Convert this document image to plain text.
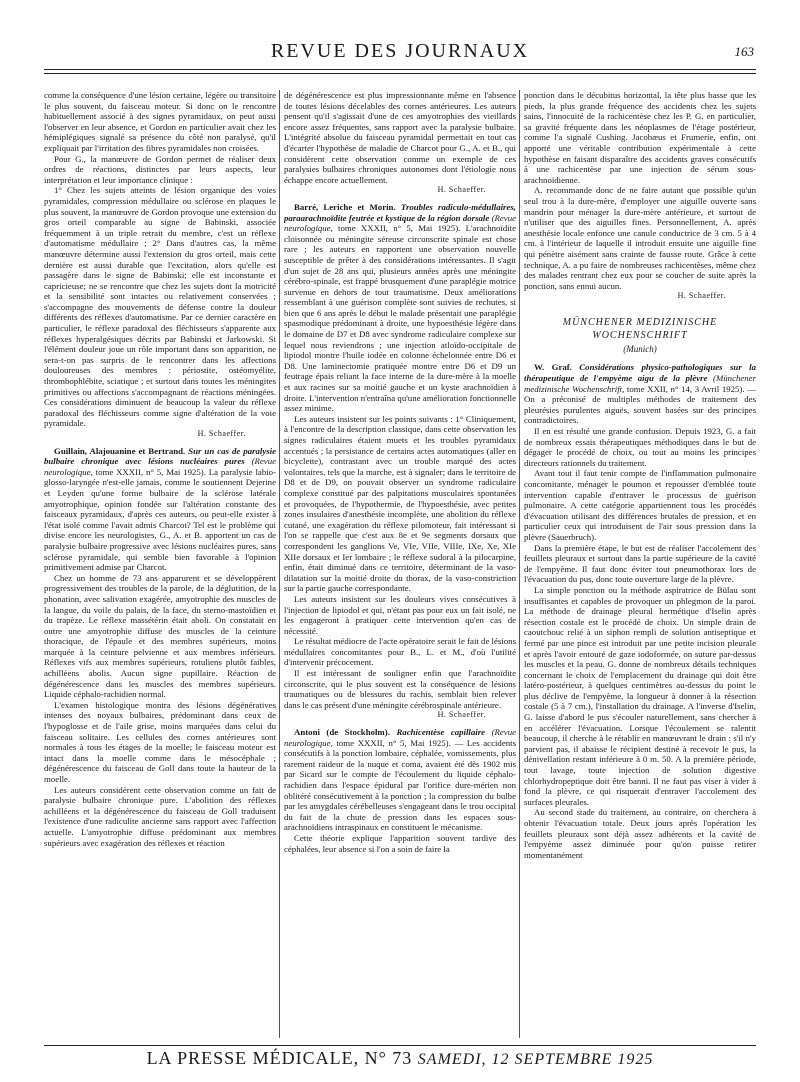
REVUE DES JOURNAUX	163

comme la conséquence d'une lésion certaine, légère ou transitoire le plus souvent, du faisceau moteur. Si donc on le rencontre habituellement associé à des signes pyramidaux, on peut aussi l'observer en leur absence, et Gordon en particulier avait chez les hémiplégiques signalé sa présence du côté non paralysé, qu'il expliquait par l'irritation des fibres pyramidales non croisées.

Pour G., la manœuvre de Gordon permet de réaliser deux ordres de réactions, distinctes par leurs aspects, leur interprétation et leur importance clinique :

1° Chez les sujets atteints de lésion organique des voies pyramidales, compression médullaire ou sclérose en plaques le plus souvent, la manœuvre de Gordon provoque une extension du gros orteil comparable au signe de Babinski, associée fréquemment à un triple retrait du membre, c'est un réflexe d'automatisme médullaire ; 2° Dans d'autres cas, la même manœuvre détermine aussi l'extension du gros orteil, mais cette dernière est aussi durable que l'excitation, alors qu'elle est passagère dans le signe de Babinski; elle est inconstante et capricieuse; ne se rencontre que chez les sujets dont la motricité et la sensibilité sont intactes ou relativement conservées ; s'accompagne des mouvements de défense contre la douleur différents des réflexes d'automatisme. Par ce dernier caractère en particulier, le réflexe paradoxal des fléchisseurs s'apparente aux réflexes hyperalgésiques décrits par Babinski et Jarkowski. Si l'élément douleur joue un rôle important dans son apparition, ne sera-t-on pas surpris de le rencontrer dans les affections douloureuses des membres : périostite, ostéomyélite, thrombophlébite, sciatique ; et surtout dans toutes les méningites primitives ou affections s'accompagnant de réactions méningées. Ces considérations diminuent de beaucoup la valeur du réflexe paradoxal des fléchisseurs comme signe d'altération de la voie pyramidale.

H. Schaeffer.

Guillain, Alajouanine et Bertrand. Sur un cas de paralysie bulbaire chronique avec lésions nucléaires pures (Revue neurologique, tome XXXII, n° 5, Mai 1925). La paralysie labio-glosso-laryngée n'est-elle jamais, comme le soutiennent Dejerine et Leyden qu'une forme bulbaire de la sclérose latérale amyotrophique, opinion fondée sur l'altération constante des faisceaux pyramidaux, d'après ces auteurs, ou peut-elle exister à l'état isolé comme l'avait admis Charcot? Tel est le problème qui divise encore les neurologistes, G., A. et B. apportent un cas de paralysie bulbaire progressive avec lésions nucléaires pures, sans sclérose pyramidale, qui semble bien favorable à l'opinion primitivement admise par Charcot.

Chez un homme de 73 ans apparurent et se développèrent progressivement des troubles de la parole, de la déglutition, de la phonation, avec salivation exagérée, amyotrophie des muscles de la langue, du voile du palais, de la face, du sterno-mastoïdien et du trapèze. Le réflexe massétérin était aboli. On constatait en outre une amyotrophie diffuse des muscles de la ceinture thoracique, de l'épaule et des membres supérieurs, moins marquée à la ceinture pelvienne et aux membres inférieurs. Réflexes vifs aux membres supérieurs, rotuliens plutôt faibles, achilléens abolis. Aucun signe pupillaire. Réaction de dégénérescence dans les muscles des membres supérieurs. Liquide céphalo-rachidien normal.

L'examen histologique montra des lésions dégénératives intenses des noyaux bulbaires, prédominant dans ceux de l'hypoglosse et de l'aile grise, moins marquées dans celui du faisceau solitaire. Les cellules des cornes antérieures sont normales à tous les étages de la moelle; le faisceau moteur est intact dans la moelle comme dans le mésocéphale ; dégénérescence du faisceau de Goll dans toute la hauteur de la moelle.

Les auteurs considèrent cette observation comme un fait de paralysie bulbaire chronique pure. L'abolition des réflexes achilléens et la dégénérescence du faisceau de Goll traduisent l'existence d'une radiculite ancienne sans rapport avec l'affection actuelle. L'amyotrophie diffuse prédominant aux membres supérieurs avec exagération des réflexes et réaction

de dégénérescence est plus impressionnante même en l'absence de toutes lésions décelables des cornes antérieures. Les auteurs pensent qu'il s'agissait d'une de ces amyotrophies des vieillards encore assez fréquentes, sans rapport avec la paralysie bulbaire. L'intégrité absolue du faisceau pyramidal permettait en tout cas d'écarter l'hypothèse de maladie de Charcot pour G., A. et B., qui considèrent cette observation comme un exemple de ces paralysies bulbaires chroniques autonomes dont l'étiologie nous échappe encore actuellement.

H. Schaeffer.

Barré, Leriche et Morin. Troubles radiculo-médullaires, paraarachnoïdite feutrée et kystique de la région dorsale (Revue neurologique, tome XXXII, n° 5, Mai 1925). L'arachnoïdite cloisonnée ou méningite séreuse circonscrite spinale est chose rare ; les auteurs en rapportent une observation nouvelle susceptible de prêter à des considérations intéressantes. Il s'agit d'un sujet de 28 ans qui, plusieurs années après une méningite cérébro-spinale, est frappé brusquement d'une paraplégie motrice survenue en dehors de tout traumatisme. Deux améliorations ressemblant à une guérison complète sont suivies de rechutes, si bien que 6 ans après le début le malade présentait une paraplégie spasmodique prédominant à droite, une hypoesthésie légère dans le domaine de D7 et D8 avec syndrome radiculaire complexe sur lequel nous reviendrons ; une injection atloïdo-occipitale de lipiodol montre l'huile iodée en colonne échelonnée entre D6 et D8. Une laminectomie pratiquée montre entre D6 et D9 un feutrage épais reliant la face interne de la dure-mère à la moelle et aux racines sur sa moitié gauche et un kyste arachnoïdien à droite. L'intervention n'entraîna qu'une amélioration fonctionnelle assez minime.

Les auteurs insistent sur les points suivants : 1° Cliniquement, à l'encontre de la description classique, dans cette observation les signes radiculaires étaient muets et les troubles pyramidaux accentués ; la persistance de certains actes automatiques (aller en bicyclette), contrastant avec un trouble marqué des actes volontaires, tels que la marche, est à signaler; dans le territoire de D8 et de D9, on pouvait observer un syndrome radiculaire complexe constitué par des palpitations musculaires spontanées et provoquées, de l'hypothermie, de l'hypoesthésie, avec petites zones insulaires d'anesthésie incomplète, une abolition du réflexe cutané, une exagération du réflexe pilomoteur, fait intéressant si l'on se rappelle que c'est aux 8e et 9e segments dorsaux que correspondent les ganglions Ve, VIe, VIIe, VIIIe, IXe, Xe, XIe XIIe dorsaux et Ier lombaire ; le réflexe sudoral à la pilocarpine, enfin, était diminué dans ce territoire, déterminant de la vaso-dilatation sur la moitié droite du thorax, de la vaso-constriction sur la partie gauche correspondante.

Les auteurs insistent sur les douleurs vives consécutives à l'injection de lipiodol et qui, n'étant pas pour eux un fait isolé, ne les engageront à pratiquer cette intervention qu'en cas de nécessité.

Le résultat médiocre de l'acte opératoire serait le fait de lésions médullaires concomitantes pour B., L. et M., d'où l'utilité d'intervenir précocement.

Il est intéressant de souligner enfin que l'arachnoïdite circonscrite, qui le plus souvent est la conséquence de lésions traumatiques ou de blessures du rachis, semblait bien relever dans le cas présent d'une méningite cérébrospinale antérieure.

H. Schaeffer.

Antoni (de Stockholm). Rachicentèse capillaire (Revue neurologique, tome XXXII, n° 5, Mai 1925). — Les accidents consécutifs à la ponction lombaire, céphalée, vomissements, plus rarement raideur de la nuque et coma, avaient été dès 1902 mis par Sicard sur le compte de l'écoulement du liquide céphalo-rachidien dans l'espace épidural par l'orifice dure-mérien non oblitéré consécutivement à la ponction ; la compression du bulbe par les amygdales cérébelleuses s'engageant dans le trou occipital du fait de la chute de pression dans les espaces sous-arachnoïdiens intraspinaux en constituent le mécanisme.

Cette théorie explique l'apparition souvent tardive des céphalées, leur absence si l'on a soin de faire la

ponction dans le décubitus horizontal, la tête plus basse que les pieds, la plus grande fréquence des accidents chez les sujets sains, l'innocuité de la rachicentèse chez les P. G. en particulier, sa gravité fréquente dans les néoplasmes de l'étage postérieur, comme l'a signalé Cushing. Jacobæus et Frumerie, enfin, ont apporté une véritable contribution expérimentale à cette hypothèse en faisant disparaître des accidents graves consécutifs à une rachicentèse par une injection de sérum sous-arachnoïdienne.

A. recommande donc de ne faire autant que possible qu'un seul trou à la dure-mère, d'employer une aiguille ouverte sans mandrin pour ménager la dure-mère antérieure, et surtout de n'utiliser que des aiguilles fines. Personnellement, A. après anesthésie locale enfonce une canule conductrice de 3 cm. 5 à 4 cm. à l'intérieur de laquelle il introduit ensuite une aiguille fine qui pénètre aisément sans crainte de fausse route. Grâce à cette technique, A. a pu faire de nombreuses rachicentèses, même chez des malades rentrant chez eux pour se coucher de suite après la ponction, sans ennui aucun.

H. Schaeffer.

MÜNCHENER MEDIZINISCHE WOCHENSCHRIFT

(Munich)

W. Graf. Considérations physico-pathologiques sur la thérapeutique de l'empyème aigu de la plèvre (Münchener medizinische Wochenschrift, tome XXII, n° 14, 3 Avril 1925). — On a préconisé de multiples méthodes de traitement des pleurésies purulentes aiguës, souvent basées sur des principes contradictoires.

Il en est résulté une grande confusion. Depuis 1923, G. a fait de nombreux essais thérapeutiques méthodiques dans le but de dégager le procédé de choix, ou tout au moins les principes directeurs rationnels du traitement.

Avant tout il faut tenir compte de l'inflammation pulmonaire concomitante, ménager le poumon et repousser d'emblée toute intervention capable d'entraver le processus de guérison pulmonaire. A cette catégorie appartiennent tous les procédés d'évacuation utilisant des différences brutales de pression, et en particulier ceux qui introduisent de l'air sous pression dans la plèvre (Sauerbruch).

Dans la première étape, le but est de réaliser l'accolement des feuillets pleuraux et surtout dans la partie supérieure de la cavité de l'empyème. Il faut donc éviter tout pneumothorax lors de l'évacuation du pus, donc toute ouverture large de la plèvre.

La simple ponction ou la méthode aspiratrice de Bülau sont insuffisantes et capables de provoquer un phlegmon de la paroi. La méthode de drainage pleural hermétique d'Iselin après résection costale est le procédé de choix. Un simple drain de caoutchouc relié à un siphon rempli de solution antiseptique et fermé par une pince est introduit par une petite incision pleurale et après l'avoir entouré de gaze iodoformée, on suture par-dessus les muscles et la peau. G. donne de nombreux détails techniques concernant le choix de l'emplacement du drainage qui doit être latéro-postérieur, à quelques centimètres au-dessus du point le plus déclive de l'empyème, la longueur à donner à la résection costale (5 à 7 cm.), l'installation du drainage. A l'inverse d'Iselin, G. laisse d'abord le pus s'écouler naturellement, sans chercher à en accélérer l'évacuation. Lorsque l'écoulement se ralentit beaucoup, il cherche à le rétablir en manœuvrant le drain : s'il n'y parvient pas, il abaisse le récipient destiné à recevoir le pus, la dénivellation restant inférieure à 0 m. 50. A la première période, tout lavage, toute injection de solution digestive chlorhydropeptique doit être banni. Il ne faut pas viser à vider à fond la plèvre, ce qui risquerait d'entraver l'accolement des surfaces pleurales.

Au second stade du traitement, au contraire, on cherchera à obtenir l'évacuation totale. Deux jours après l'opération les feuillets pleuraux sont déjà assez adhérents et la cavité de l'empyème assez diminuée pour qu'on puisse retirer momentanément

LA PRESSE MÉDICALE, N° 73 SAMEDI, 12 SEPTEMBRE 1925
